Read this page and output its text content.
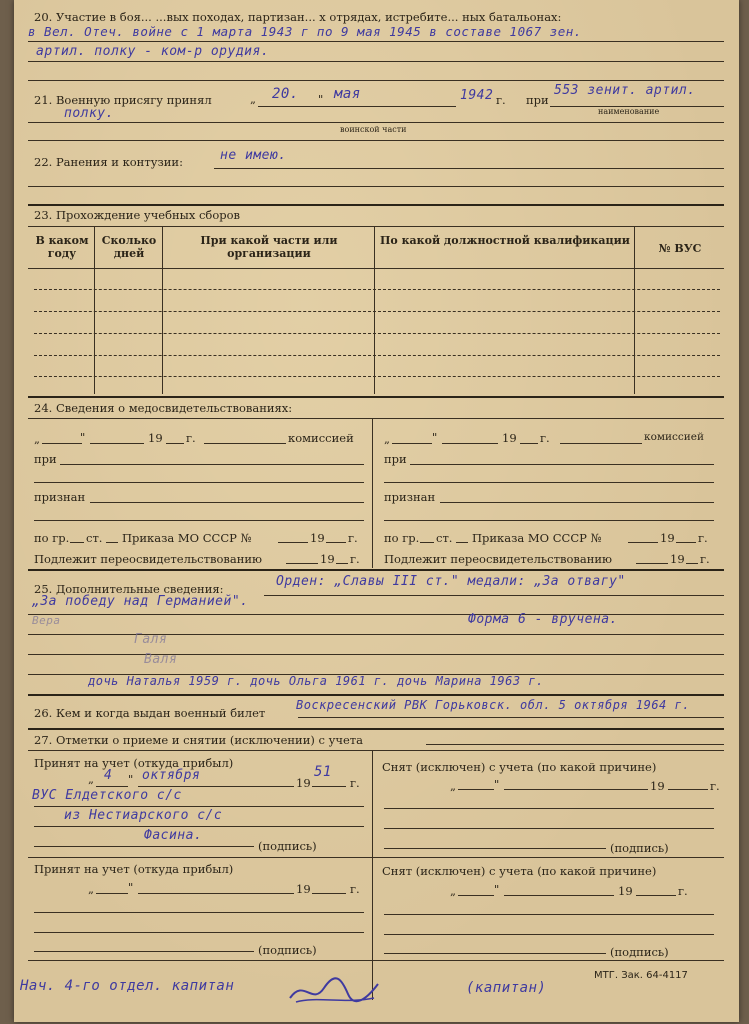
20. Участие в боя... ...вых походах, партизан... х отрядах, истребите... ных батальонах:
в Вел. Отеч. войне с 1 марта 1943 г по 9 мая 1945 в составе 1067 зен.
артил. полку - ком-р орудия.
21. Военную присягу принял	„ 20. " мая	1942 г. при
553 зенит. артил.
наименование
полку.
воинской части
22. Ранения и контузии:	не имею.
23. Прохождение учебных сборов
В каком году
Сколько дней
При какой части или организации
По какой должностной квалификации
№ ВУС
24. Сведения о медосвидетельствованиях:
„	"	19 г.	комиссией
при
признан
по гр. ст. Приказа МО СССР №	19 г.
Подлежит переосвидетельствованию	19 г.
„	"	19 г.	комиссией
при
признан
по гр. ст. Приказа МО СССР №	19 г.
Подлежит переосвидетельствованию	19 г.
25. Дополнительные сведения:	Орден: „Славы III ст." медали: „За отвагу"
„За победу над Германией".
Вера	Форма 6 - вручена.
Галя
Валя
дочь Наталья 1959 г. дочь Ольга 1961 г. дочь Марина 1963 г.
26. Кем и когда выдан военный билет
Воскресенский РВК Горьковск. обл. 5 октября 1964 г.
27. Отметки о приеме и снятии (исключении) с учета
Принят на учет (откуда прибыл)
„ 4 " октября	19
51
г.
ВУС Елдетского с/с
из Нестиарского с/с
Фасина.
(подпись)
Снят (исключен) с учета (по какой причине)
„	"	19	г.
(подпись)
Принят на учет (откуда прибыл)
„	"	19	г.
(подпись)
Снят (исключен) с учета (по какой причине)
„	"	19	г.
(подпись)
Нач. 4-го отдел. капитан	(капитан)
МТГ. Зак. 64-4117
